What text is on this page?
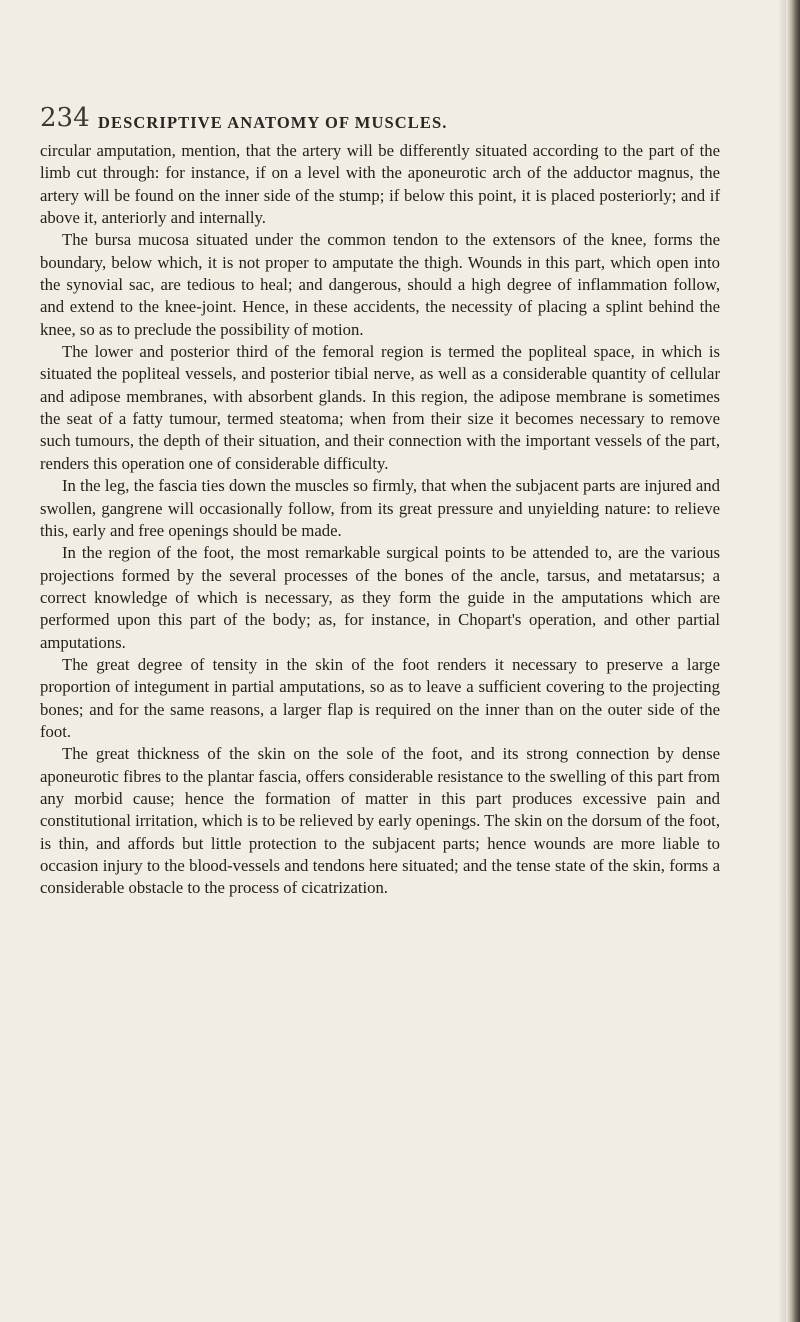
234 DESCRIPTIVE ANATOMY OF MUSCLES.

circular amputation, mention, that the artery will be differently situated according to the part of the limb cut through: for instance, if on a level with the aponeurotic arch of the adductor magnus, the artery will be found on the inner side of the stump; if below this point, it is placed posteriorly; and if above it, anteriorly and internally.

The bursa mucosa situated under the common tendon to the extensors of the knee, forms the boundary, below which, it is not proper to amputate the thigh. Wounds in this part, which open into the synovial sac, are tedious to heal; and dangerous, should a high degree of inflammation follow, and extend to the knee-joint. Hence, in these accidents, the necessity of placing a splint behind the knee, so as to preclude the possibility of motion.

The lower and posterior third of the femoral region is termed the popliteal space, in which is situated the popliteal vessels, and posterior tibial nerve, as well as a considerable quantity of cellular and adipose membranes, with absorbent glands. In this region, the adipose membrane is sometimes the seat of a fatty tumour, termed steatoma; when from their size it becomes necessary to remove such tumours, the depth of their situation, and their connection with the important vessels of the part, renders this operation one of considerable difficulty.

In the leg, the fascia ties down the muscles so firmly, that when the subjacent parts are injured and swollen, gangrene will occasionally follow, from its great pressure and unyielding nature: to relieve this, early and free openings should be made.

In the region of the foot, the most remarkable surgical points to be attended to, are the various projections formed by the several processes of the bones of the ancle, tarsus, and metatarsus; a correct knowledge of which is necessary, as they form the guide in the amputations which are performed upon this part of the body; as, for instance, in Chopart's operation, and other partial amputations.

The great degree of tensity in the skin of the foot renders it necessary to preserve a large proportion of integument in partial amputations, so as to leave a sufficient covering to the projecting bones; and for the same reasons, a larger flap is required on the inner than on the outer side of the foot.

The great thickness of the skin on the sole of the foot, and its strong connection by dense aponeurotic fibres to the plantar fascia, offers considerable resistance to the swelling of this part from any morbid cause; hence the formation of matter in this part produces excessive pain and constitutional irritation, which is to be relieved by early openings. The skin on the dorsum of the foot, is thin, and affords but little protection to the subjacent parts; hence wounds are more liable to occasion injury to the blood-vessels and tendons here situated; and the tense state of the skin, forms a considerable obstacle to the process of cicatrization.
